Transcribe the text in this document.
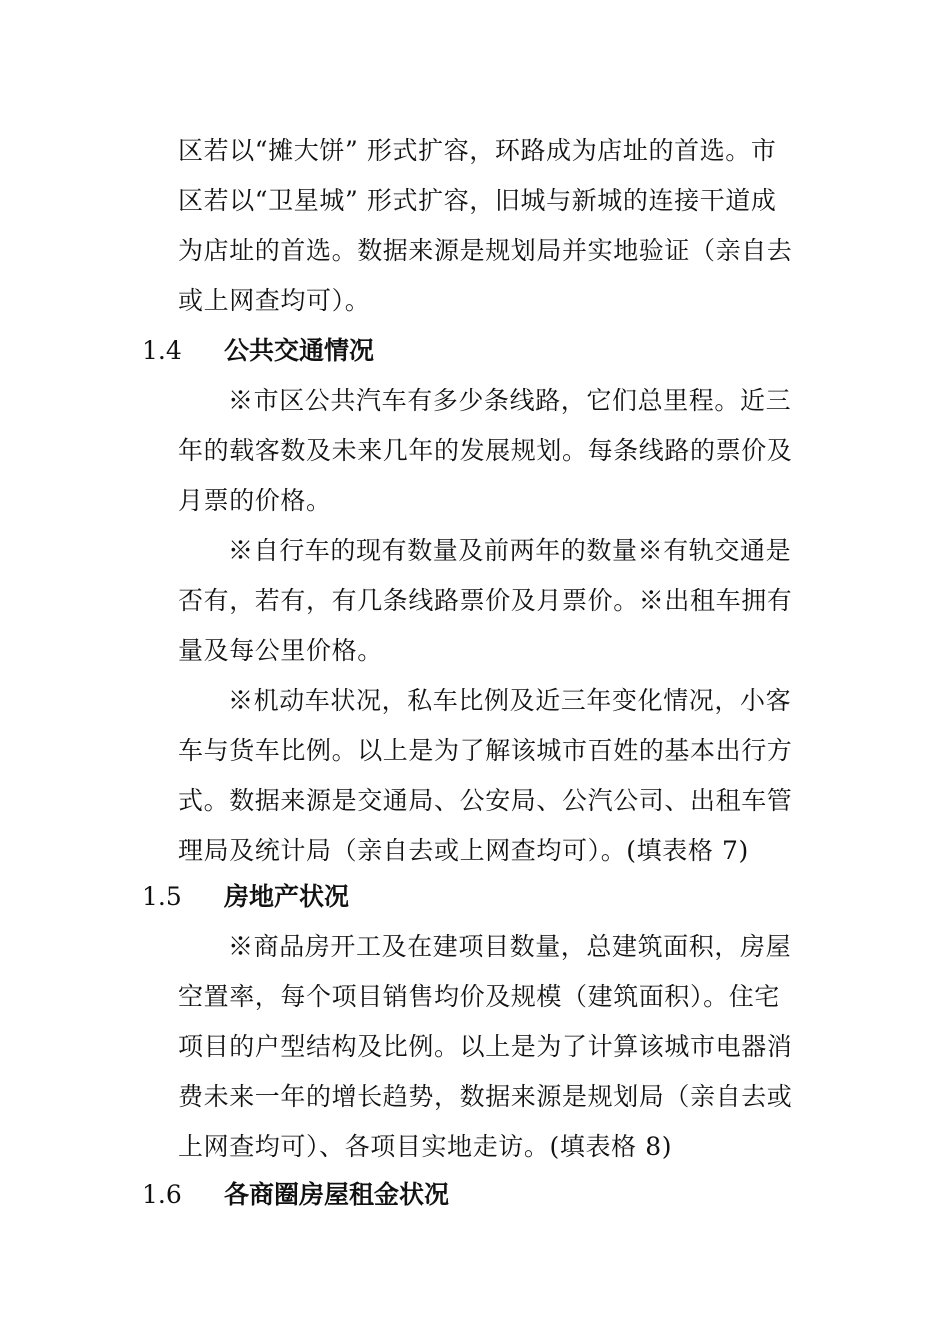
区若以“摊大饼” 形式扩容，环路成为店址的首选。市
区若以“卫星城” 形式扩容，旧城与新城的连接干道成
为店址的首选。数据来源是规划局并实地验证（亲自去
或上网查均可）。

1.4 公共交通情况

※市区公共汽车有多少条线路，它们总里程。近三
年的载客数及未来几年的发展规划。每条线路的票价及
月票的价格。

※自行车的现有数量及前两年的数量※有轨交通是
否有，若有，有几条线路票价及月票价。※出租车拥有
量及每公里价格。

※机动车状况，私车比例及近三年变化情况，小客
车与货车比例。以上是为了解该城市百姓的基本出行方
式。数据来源是交通局、公安局、公汽公司、出租车管
理局及统计局（亲自去或上网查均可）。(填表格 7)

1.5 房地产状况

※商品房开工及在建项目数量，总建筑面积，房屋
空置率，每个项目销售均价及规模（建筑面积）。住宅
项目的户型结构及比例。以上是为了计算该城市电器消
费未来一年的增长趋势，数据来源是规划局（亲自去或
上网查均可）、各项目实地走访。(填表格 8)

1.6 各商圈房屋租金状况
